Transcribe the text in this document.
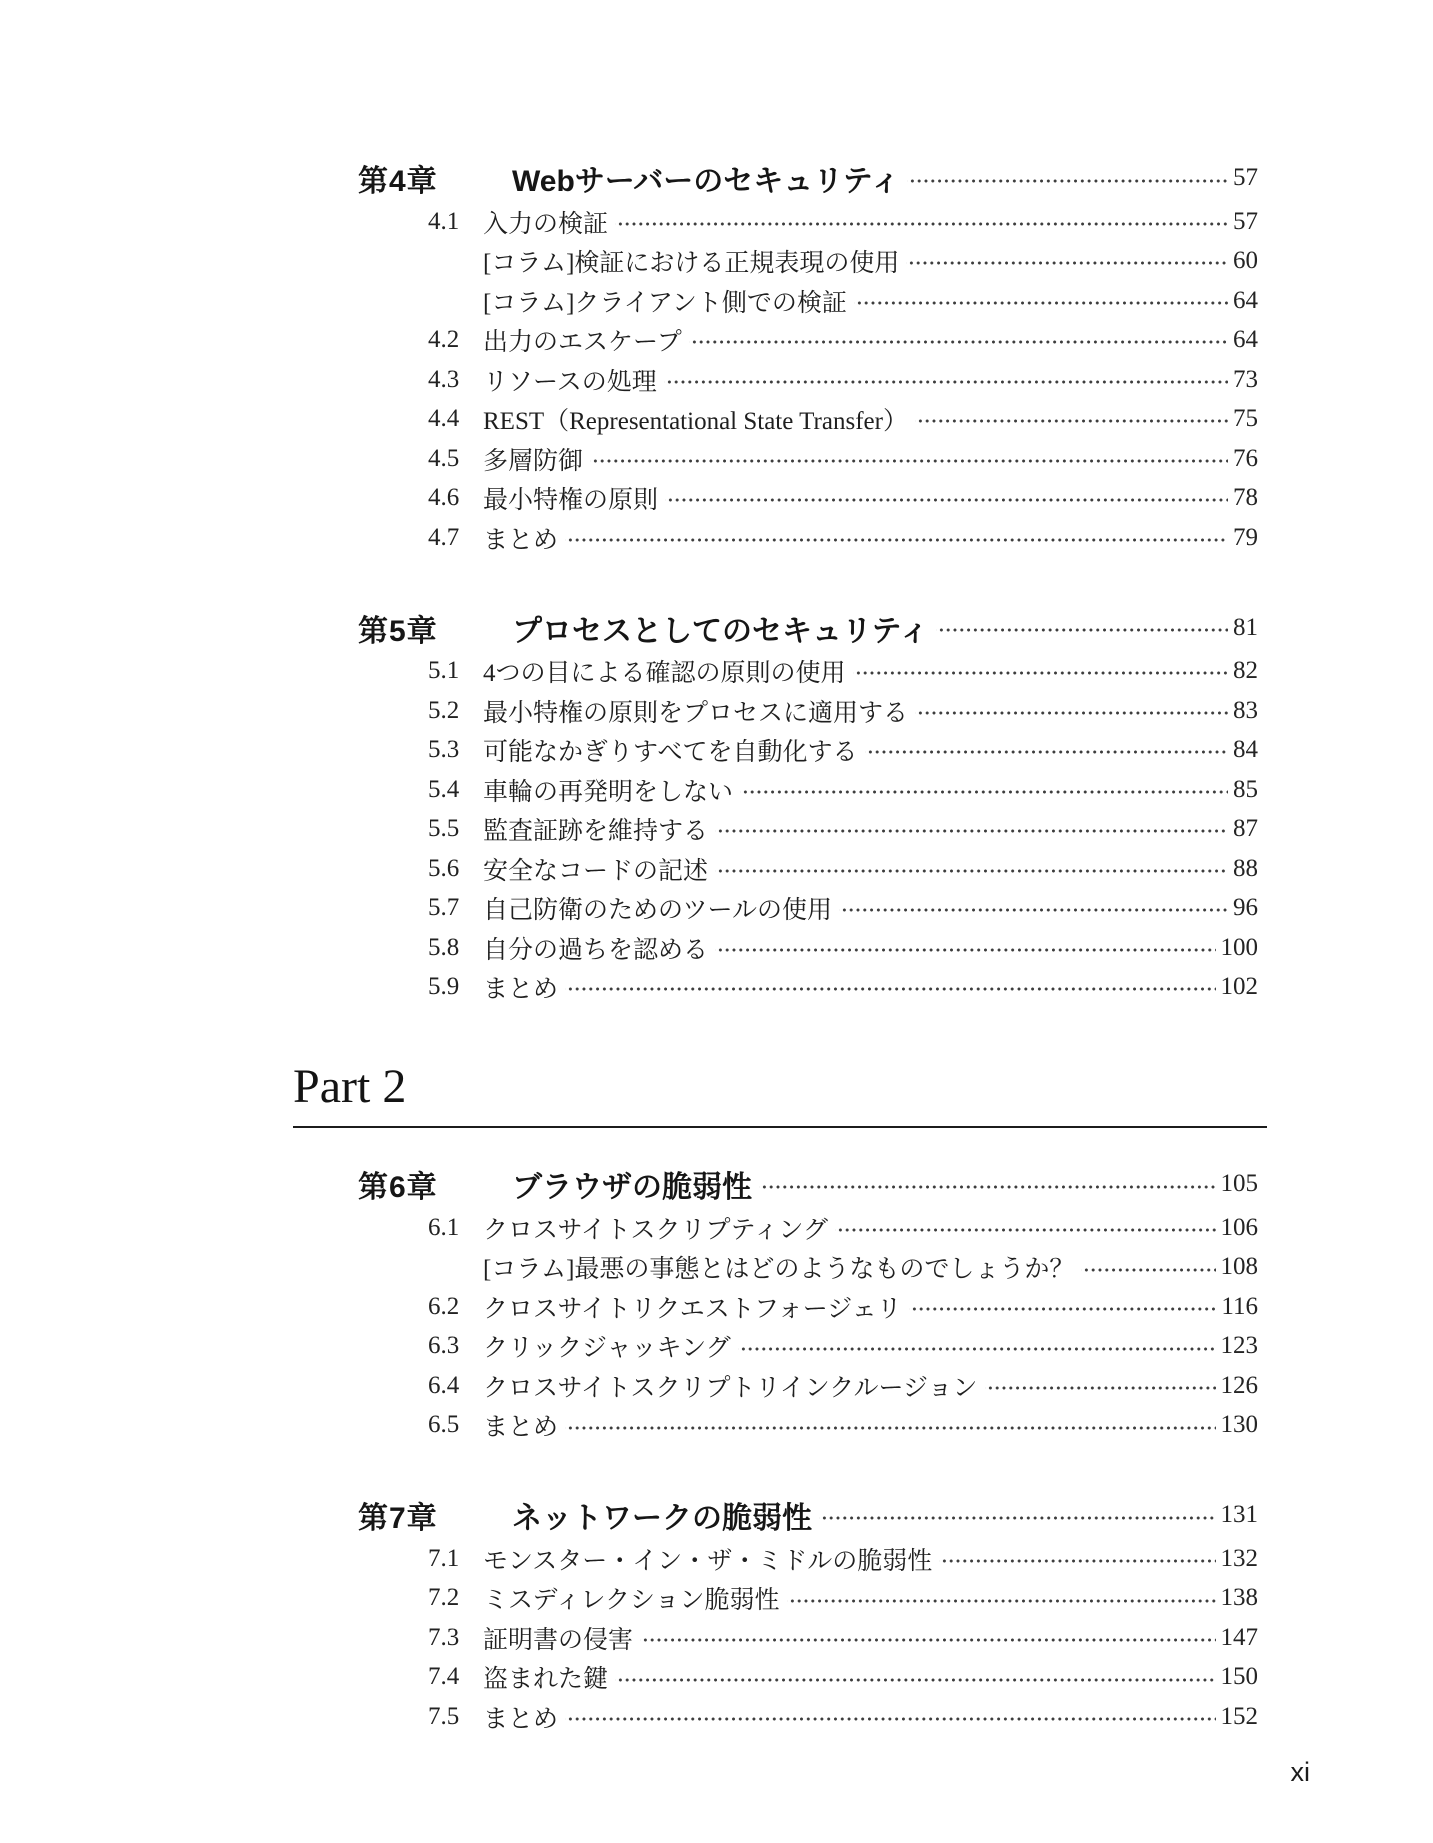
第4章	Webサーバーのセキュリティ	57
4.1 入力の検証	57
[コラム]検証における正規表現の使用	60
[コラム]クライアント側での検証	64
4.2 出力のエスケープ	64
4.3 リソースの処理	73
4.4 REST（Representational State Transfer）	75
4.5 多層防御	76
4.6 最小特権の原則	78
4.7 まとめ	79
第5章	プロセスとしてのセキュリティ	81
5.1 4つの目による確認の原則の使用	82
5.2 最小特権の原則をプロセスに適用する	83
5.3 可能なかぎりすべてを自動化する	84
5.4 車輪の再発明をしない	85
5.5 監査証跡を維持する	87
5.6 安全なコードの記述	88
5.7 自己防衛のためのツールの使用	96
5.8 自分の過ちを認める	100
5.9 まとめ	102
Part 2
第6章	ブラウザの脆弱性	105
6.1 クロスサイトスクリプティング	106
[コラム]最悪の事態とはどのようなものでしょうか？	108
6.2 クロスサイトリクエストフォージェリ	116
6.3 クリックジャッキング	123
6.4 クロスサイトスクリプトリインクルージョン	126
6.5 まとめ	130
第7章	ネットワークの脆弱性	131
7.1 モンスター・イン・ザ・ミドルの脆弱性	132
7.2 ミスディレクション脆弱性	138
7.3 証明書の侵害	147
7.4 盗まれた鍵	150
7.5 まとめ	152
xi
